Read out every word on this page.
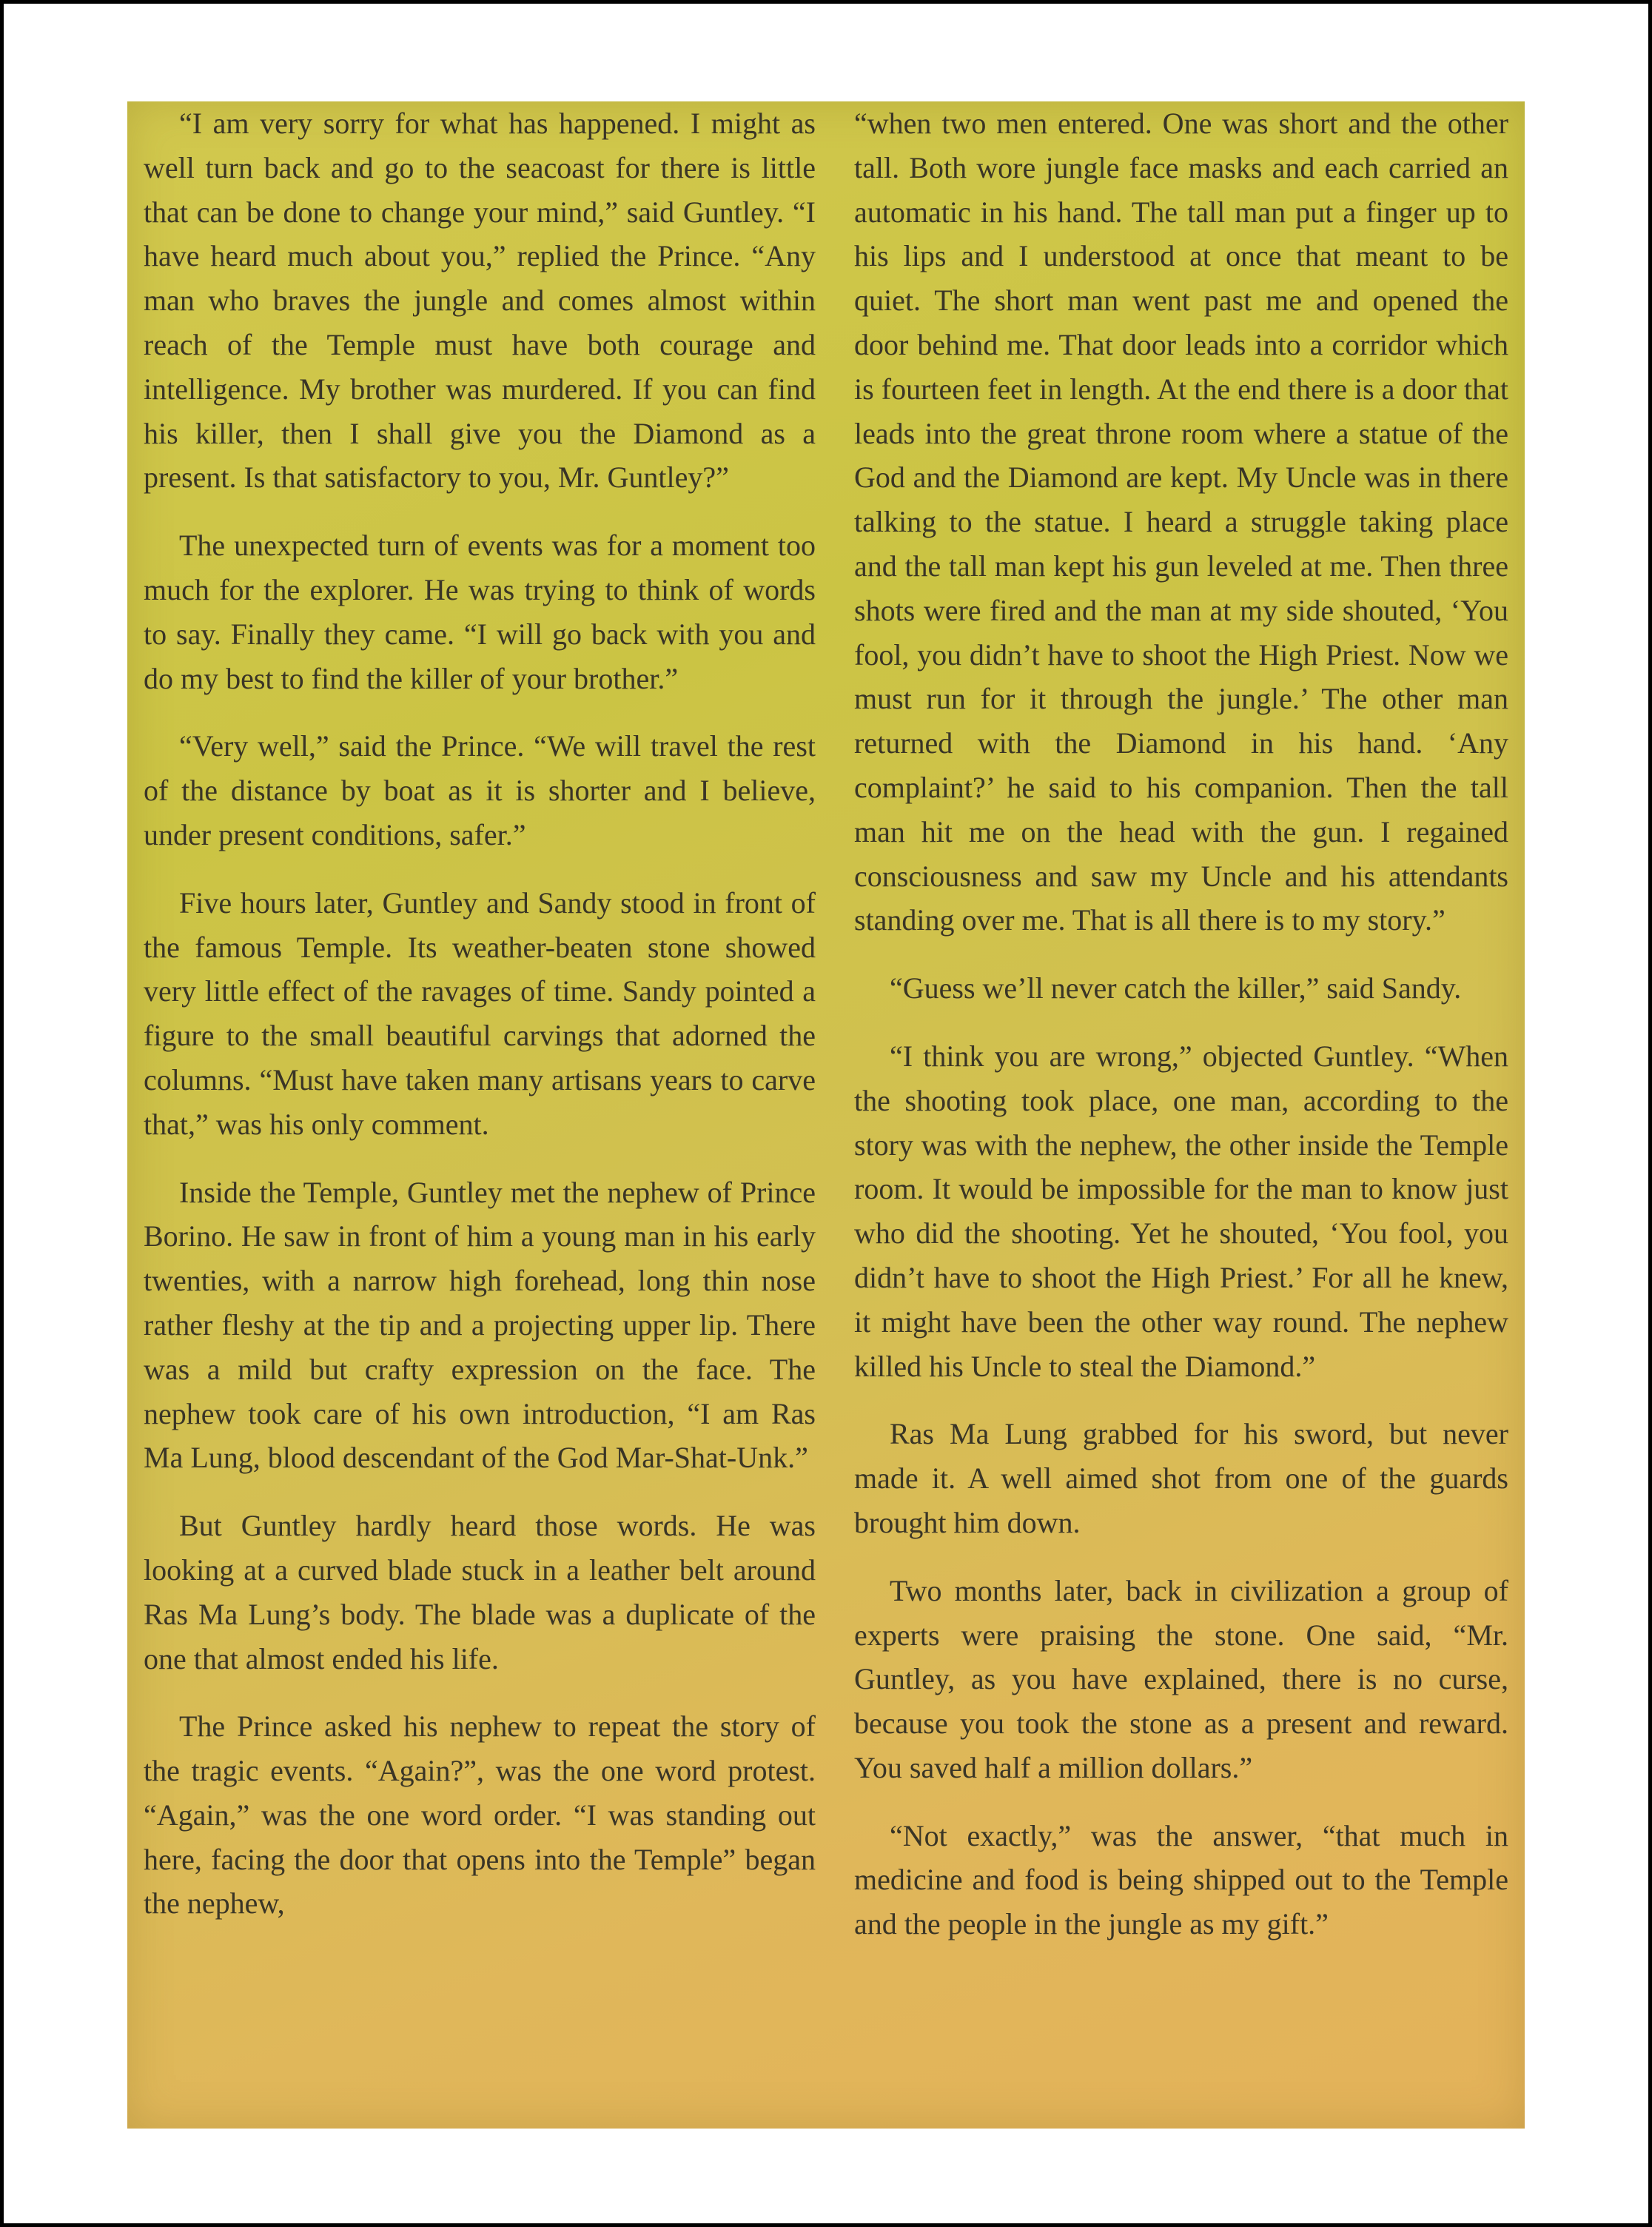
“I am very sorry for what has happened. I might as well turn back and go to the seacoast for there is little that can be done to change your mind,” said Guntley. “I have heard much about you,” replied the Prince. “Any man who braves the jungle and comes almost within reach of the Temple must have both courage and intelligence. My brother was murdered. If you can find his killer, then I shall give you the Diamond as a present. Is that satisfactory to you, Mr. Guntley?”

The unexpected turn of events was for a moment too much for the explorer. He was trying to think of words to say. Finally they came. “I will go back with you and do my best to find the killer of your brother.”

“Very well,” said the Prince. “We will travel the rest of the distance by boat as it is shorter and I believe, under present conditions, safer.”

Five hours later, Guntley and Sandy stood in front of the famous Temple. Its weather-beaten stone showed very little effect of the ravages of time. Sandy pointed a figure to the small beautiful carvings that adorned the columns. “Must have taken many artisans years to carve that,” was his only comment.

Inside the Temple, Guntley met the nephew of Prince Borino. He saw in front of him a young man in his early twenties, with a narrow high forehead, long thin nose rather fleshy at the tip and a projecting upper lip. There was a mild but crafty expression on the face. The nephew took care of his own introduction, “I am Ras Ma Lung, blood descendant of the God Mar-Shat-Unk.”

But Guntley hardly heard those words. He was looking at a curved blade stuck in a leather belt around Ras Ma Lung’s body. The blade was a duplicate of the one that almost ended his life.

The Prince asked his nephew to repeat the story of the tragic events. “Again?”, was the one word protest. “Again,” was the one word order. “I was standing out here, facing the door that opens into the Temple” began the nephew,

“when two men entered. One was short and the other tall. Both wore jungle face masks and each carried an automatic in his hand. The tall man put a finger up to his lips and I understood at once that meant to be quiet. The short man went past me and opened the door behind me. That door leads into a corridor which is fourteen feet in length. At the end there is a door that leads into the great throne room where a statue of the God and the Diamond are kept. My Uncle was in there talking to the statue. I heard a struggle taking place and the tall man kept his gun leveled at me. Then three shots were fired and the man at my side shouted, ‘You fool, you didn’t have to shoot the High Priest. Now we must run for it through the jungle.’ The other man returned with the Diamond in his hand. ‘Any complaint?’ he said to his companion. Then the tall man hit me on the head with the gun. I regained consciousness and saw my Uncle and his attendants standing over me. That is all there is to my story.”

“Guess we’ll never catch the killer,” said Sandy.

“I think you are wrong,” objected Guntley. “When the shooting took place, one man, according to the story was with the nephew, the other inside the Temple room. It would be impossible for the man to know just who did the shooting. Yet he shouted, ‘You fool, you didn’t have to shoot the High Priest.’ For all he knew, it might have been the other way round. The nephew killed his Uncle to steal the Diamond.”

Ras Ma Lung grabbed for his sword, but never made it. A well aimed shot from one of the guards brought him down.

Two months later, back in civilization a group of experts were praising the stone. One said, “Mr. Guntley, as you have explained, there is no curse, because you took the stone as a present and reward. You saved half a million dollars.”

“Not exactly,” was the answer, “that much in medicine and food is being shipped out to the Temple and the people in the jungle as my gift.”
